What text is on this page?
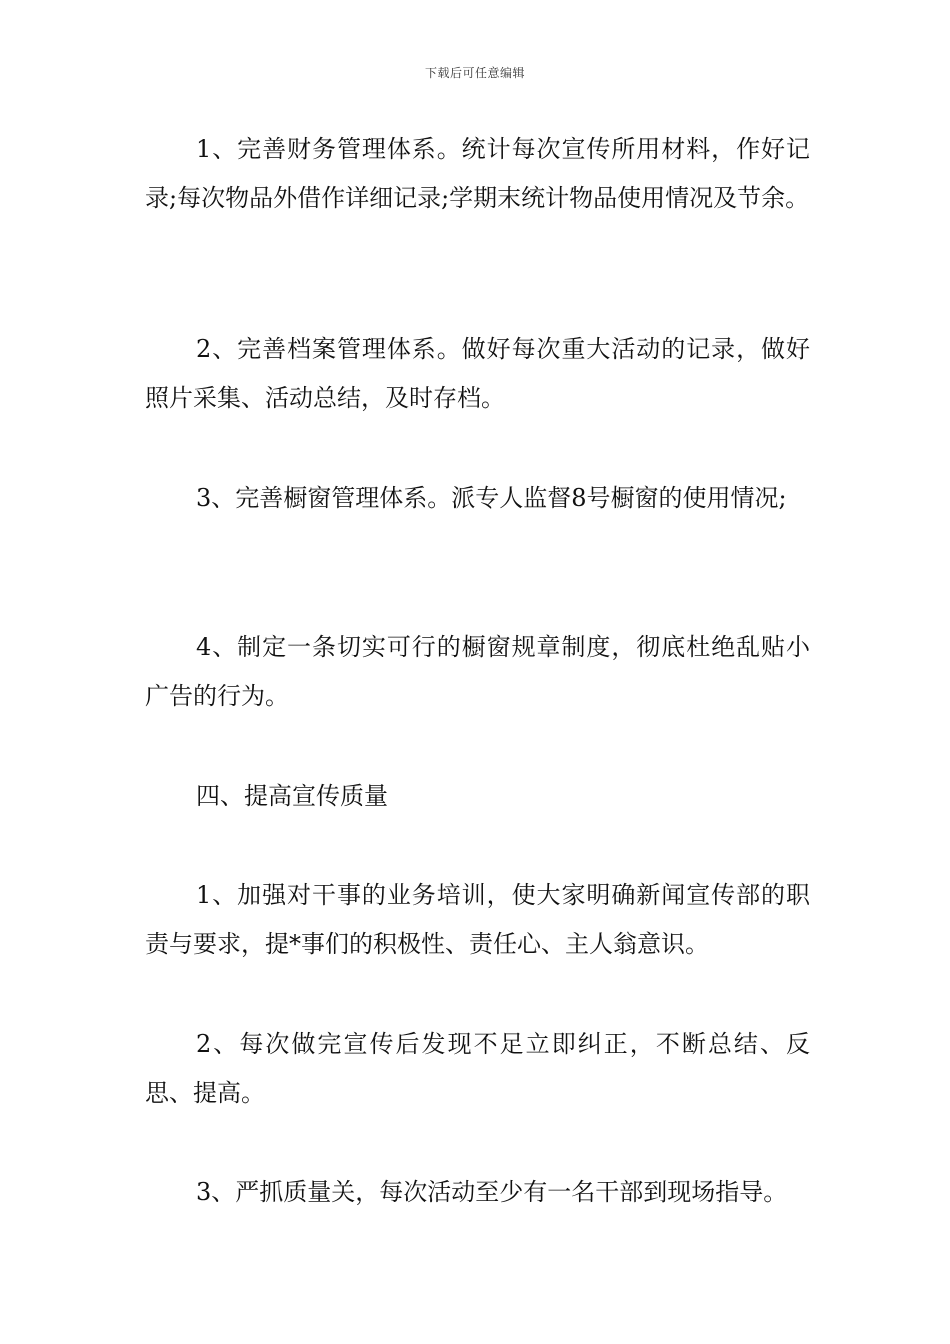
下载后可任意编辑

1、完善财务管理体系。统计每次宣传所用材料，作好记录;每次物品外借作详细记录;学期末统计物品使用情况及节余。

2、完善档案管理体系。做好每次重大活动的记录，做好照片采集、活动总结，及时存档。

3、完善橱窗管理体系。派专人监督8号橱窗的使用情况;

4、制定一条切实可行的橱窗规章制度，彻底杜绝乱贴小广告的行为。

四、提高宣传质量

1、加强对干事的业务培训，使大家明确新闻宣传部的职责与要求，提*事们的积极性、责任心、主人翁意识。

2、每次做完宣传后发现不足立即纠正，不断总结、反思、提高。

3、严抓质量关，每次活动至少有一名干部到现场指导。
